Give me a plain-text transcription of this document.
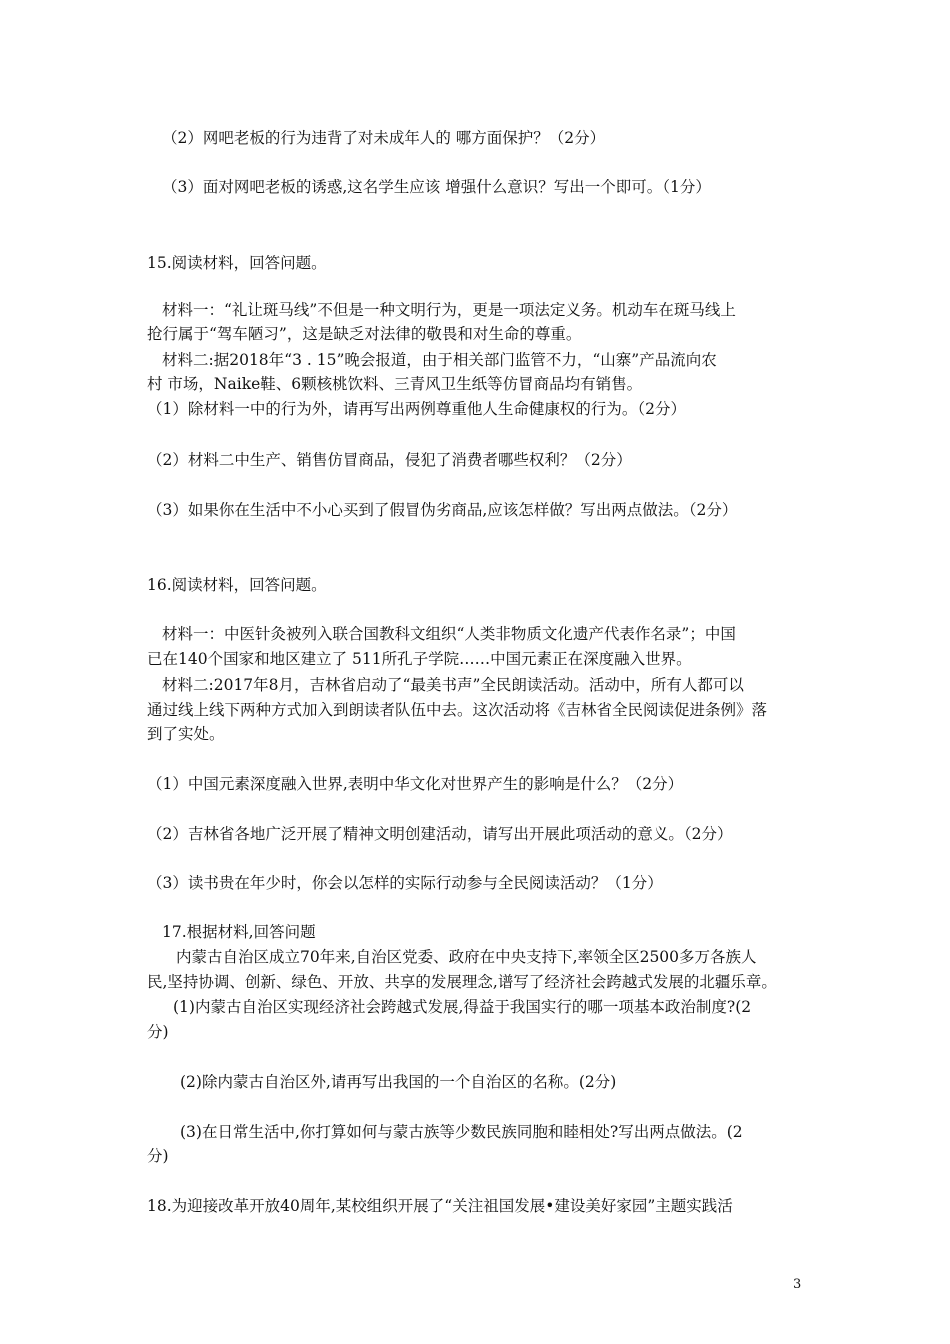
（2）网吧老板的行为违背了对未成年人的 哪方面保护？（2分）
（3）面对网吧老板的诱惑,这名学生应该 增强什么意识？写出一个即可。（1分）
15.阅读材料，回答问题。
材料一：“礼让斑马线”不但是一种文明行为，更是一项法定义务。机动车在斑马线上
抢行属于“驾车陋习”，这是缺乏对法律的敬畏和对生命的尊重。
材料二:据2018年“3 . 15”晚会报道，由于相关部门监管不力，“山寨”产品流向农
村 市场，Naike鞋、6颗核桃饮料、三青风卫生纸等仿冒商品均有销售。
（1）除材料一中的行为外，请再写出两例尊重他人生命健康权的行为。（2分）
（2）材料二中生产、销售仿冒商品，侵犯了消费者哪些权利？（2分）
（3）如果你在生活中不小心买到了假冒伪劣商品,应该怎样做？写出两点做法。（2分）
16.阅读材料，回答问题。
材料一：中医针灸被列入联合国教科文组织“人类非物质文化遗产代表作名录”；中国
已在140个国家和地区建立了 511所孔子学院……中国元素正在深度融入世界。
材料二:2017年8月，吉林省启动了“最美书声”全民朗读活动。活动中，所有人都可以
通过线上线下两种方式加入到朗读者队伍中去。这次活动将《吉林省全民阅读促进条例》落
到了实处。
（1）中国元素深度融入世界,表明中华文化对世界产生的影响是什么？（2分）
（2）吉林省各地广泛开展了精神文明创建活动，请写出开展此项活动的意义。（2分）
（3）读书贵在年少时，你会以怎样的实际行动参与全民阅读活动？（1分）
17.根据材料,回答问题
内蒙古自治区成立70年来,自治区党委、政府在中央支持下,率领全区2500多万各族人
民,坚持协调、创新、绿色、开放、共享的发展理念,谱写了经济社会跨越式发展的北疆乐章。
(1)内蒙古自治区实现经济社会跨越式发展,得益于我国实行的哪一项基本政治制度?(2
分)
(2)除内蒙古自治区外,请再写出我国的一个自治区的名称。(2分)
(3)在日常生活中,你打算如何与蒙古族等少数民族同胞和睦相处?写出两点做法。(2
分)
18.为迎接改革开放40周年,某校组织开展了“关注祖国发展•建设美好家园”主题实践活
3
